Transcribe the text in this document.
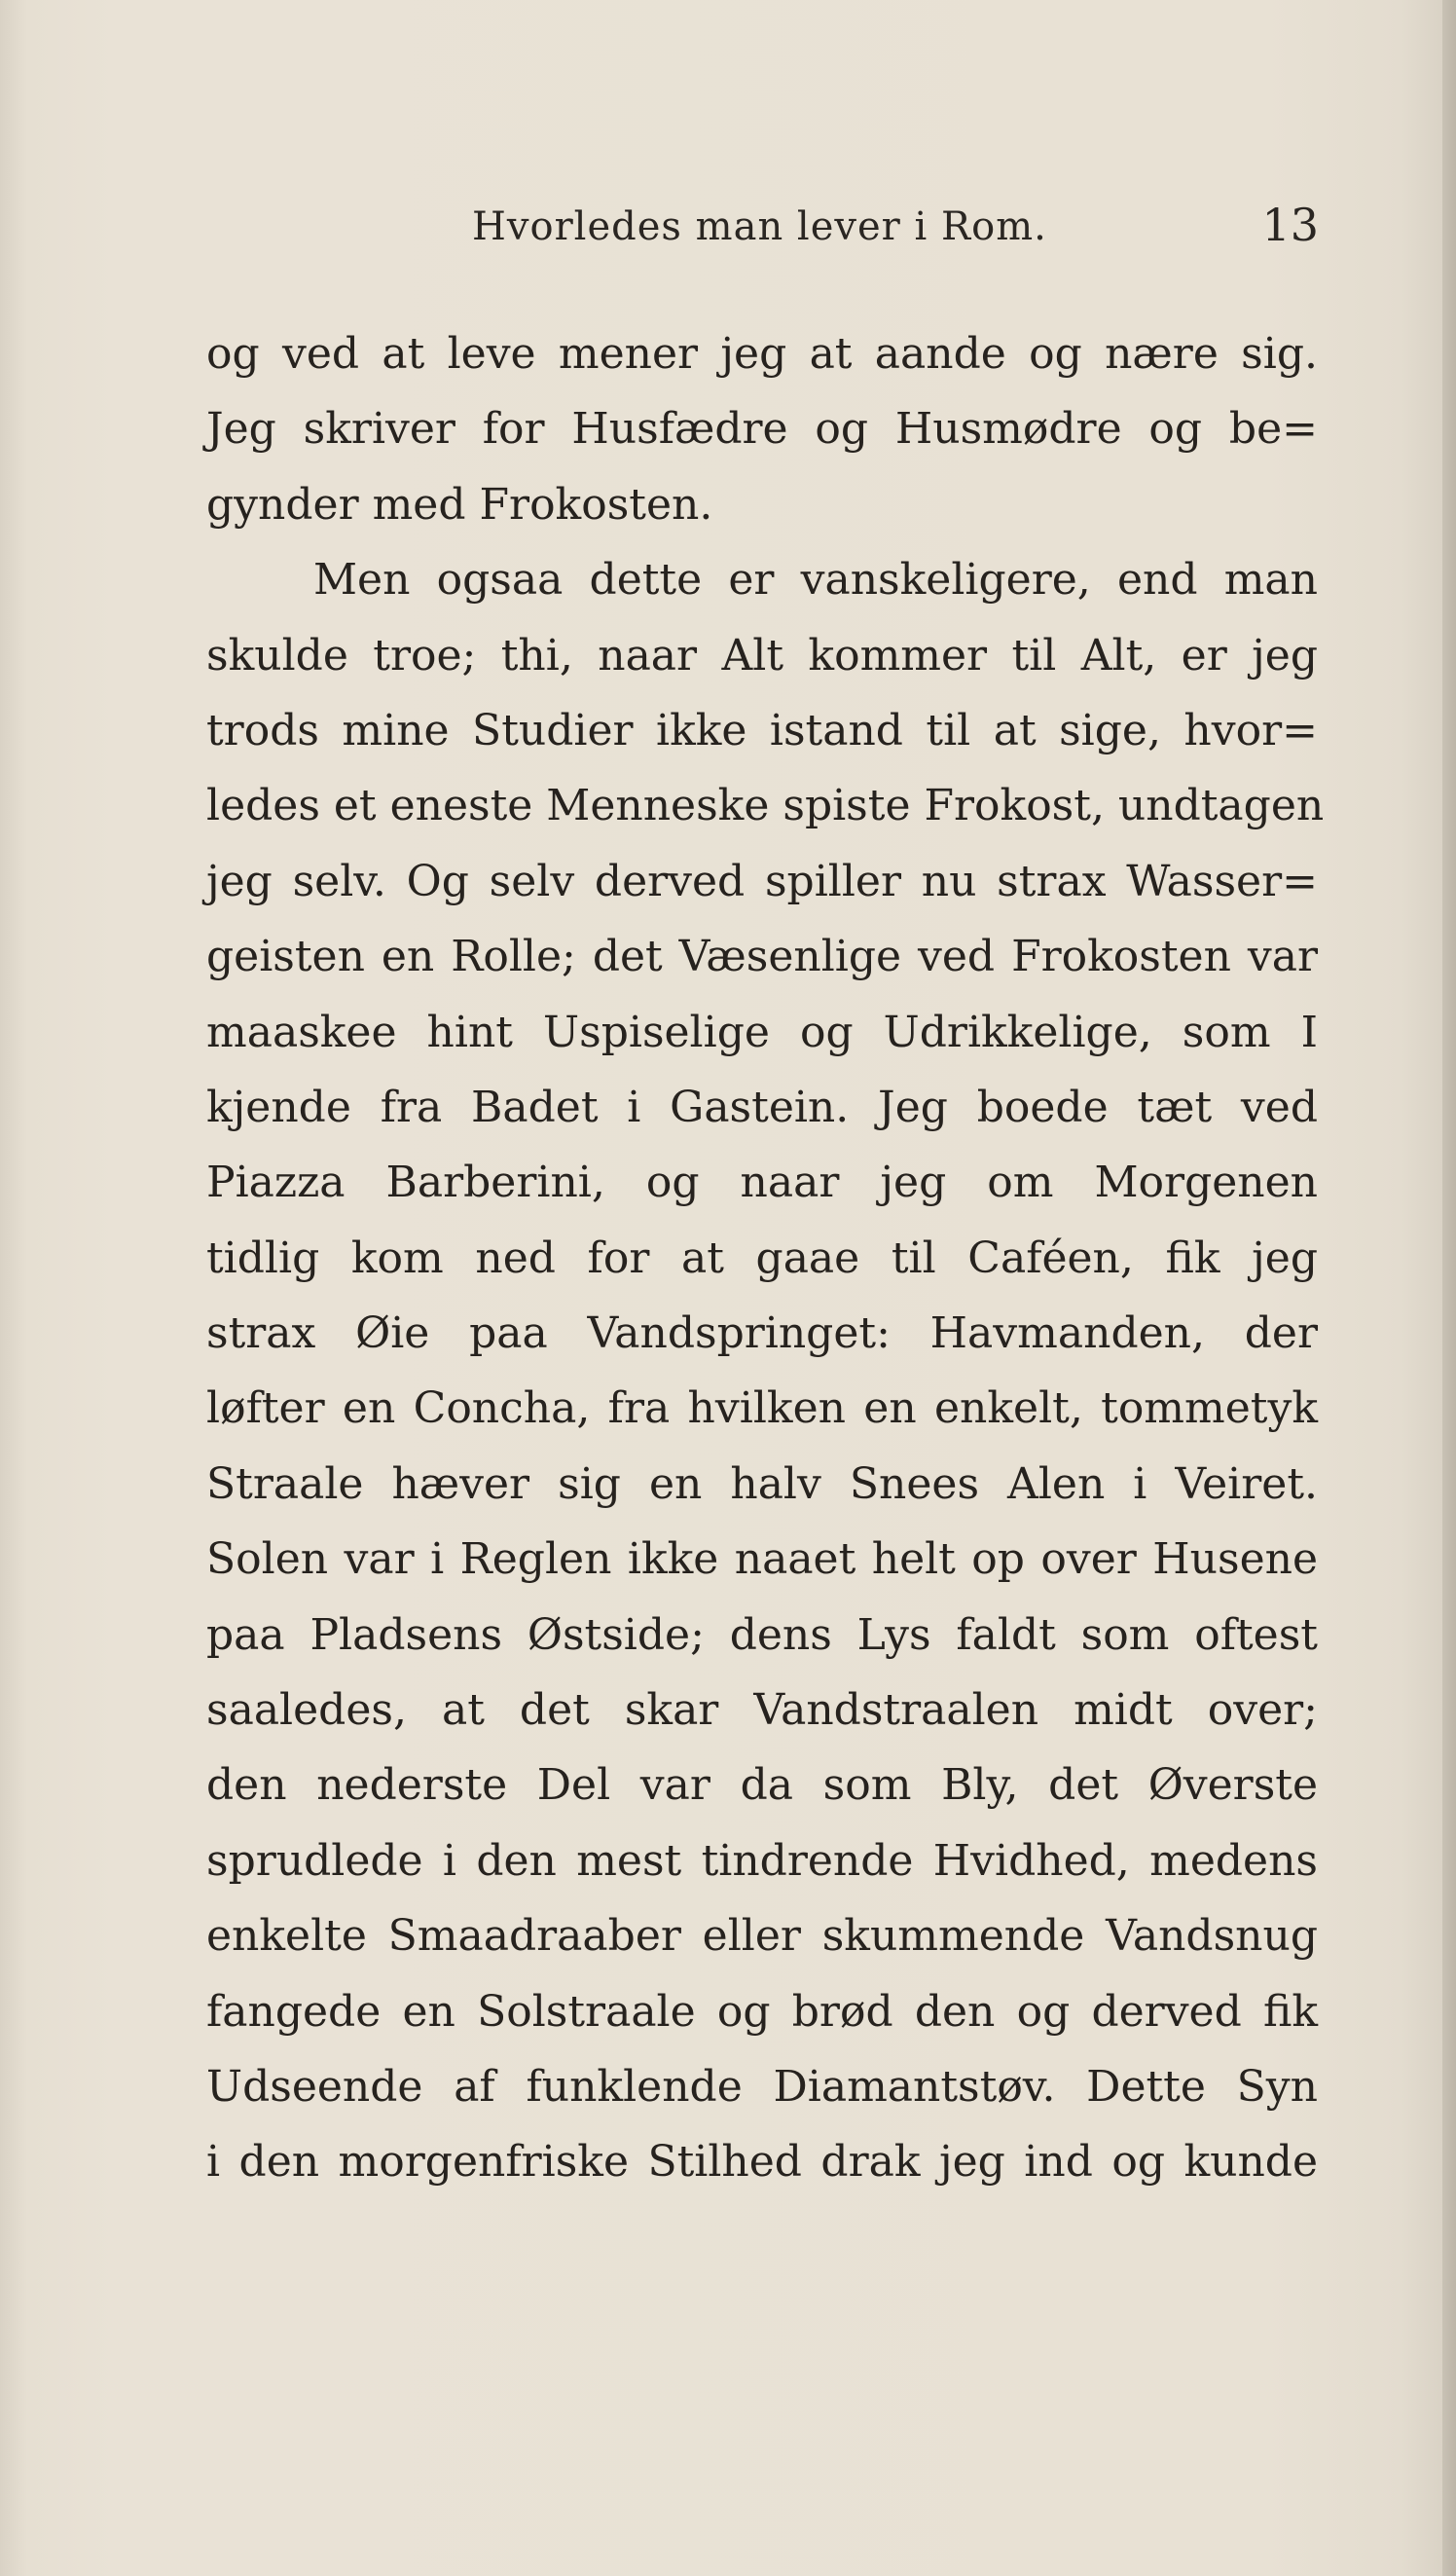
Hvorledes man lever i Rom.	13
og ved at leve mener jeg at aande og nære sig.
Jeg skriver for Husfædre og Husmødre og be=
gynder med Frokosten.
Men ogsaa dette er vanskeligere, end man
skulde troe; thi, naar Alt kommer til Alt, er jeg
trods mine Studier ikke istand til at sige, hvor=
ledes et eneste Menneske spiste Frokost, undtagen
jeg selv. Og selv derved spiller nu strax Wasser=
geisten en Rolle; det Væsenlige ved Frokosten var
maaskee hint Uspiselige og Udrikkelige, som I
kjende fra Badet i Gastein. Jeg boede tæt ved
Piazza Barberini, og naar jeg om Morgenen
tidlig kom ned for at gaae til Caféen, fik jeg
strax Øie paa Vandspringet: Havmanden, der
løfter en Concha, fra hvilken en enkelt, tommetyk
Straale hæver sig en halv Snees Alen i Veiret.
Solen var i Reglen ikke naaet helt op over Husene
paa Pladsens Østside; dens Lys faldt som oftest
saaledes, at det skar Vandstraalen midt over;
den nederste Del var da som Bly, det Øverste
sprudlede i den mest tindrende Hvidhed, medens
enkelte Smaadraaber eller skummende Vandsnug
fangede en Solstraale og brød den og derved fik
Udseende af funklende Diamantstøv. Dette Syn
i den morgenfriske Stilhed drak jeg ind og kunde
